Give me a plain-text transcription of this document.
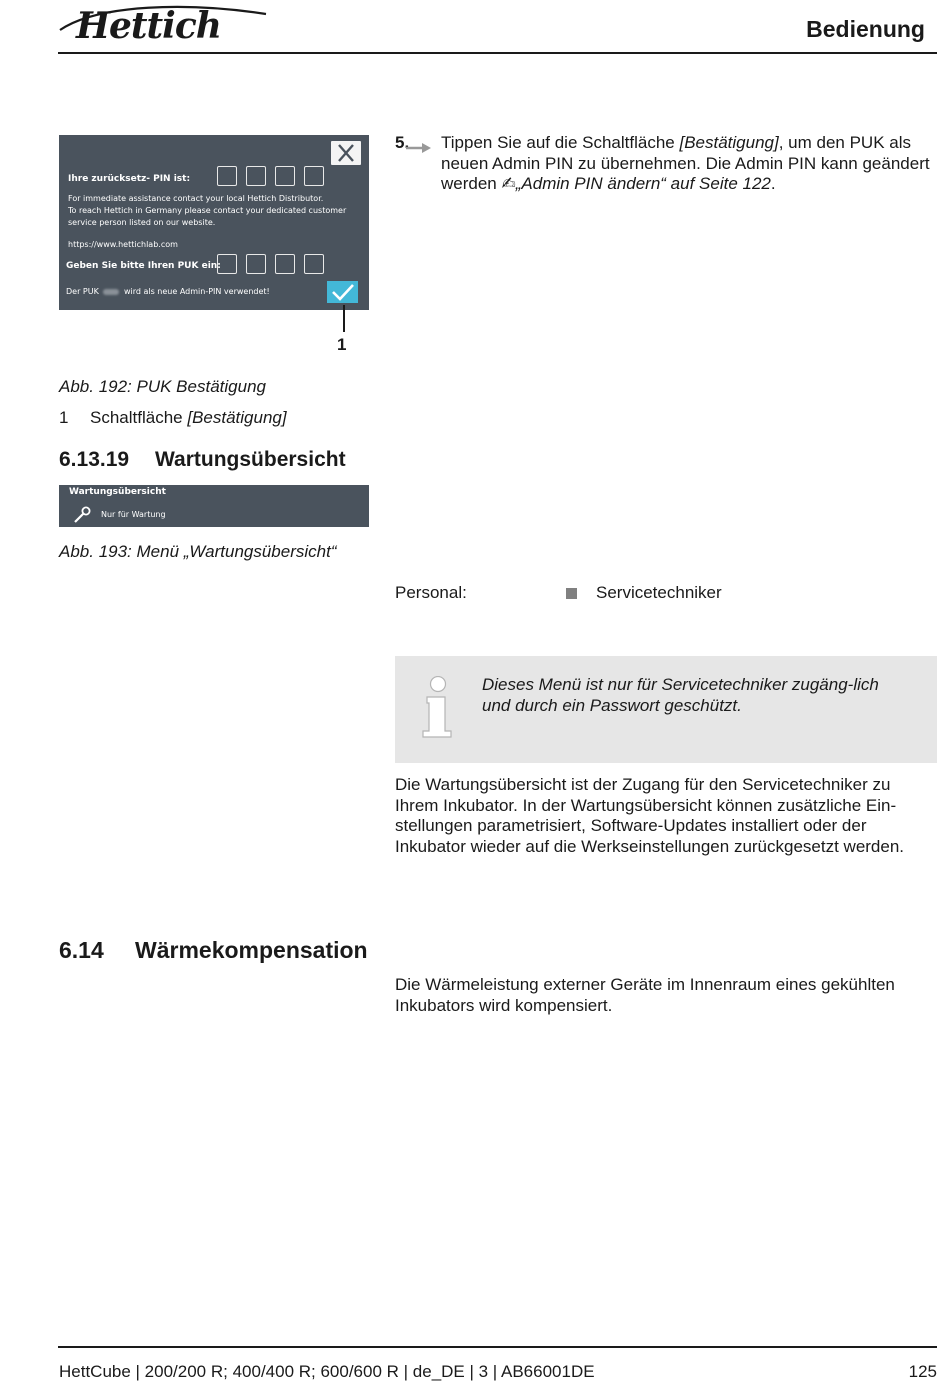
Hettich	Bedienung
Ihre zurücksetz- PIN ist:
For immediate assistance contact your local Hettich Distributor.
To reach Hettich in Germany please contact your dedicated customer
service person listed on our website.
https://www.hettichlab.com
Geben Sie bitte Ihren PUK ein:
Der PUK	wird als neue Admin-PIN verwendet!
1
5. Tippen Sie auf die Schaltfläche [Bestätigung], um den PUK als neuen Admin PIN zu übernehmen. Die Admin PIN kann geändert werden ✍„Admin PIN ändern“ auf Seite 122.
Abb. 192: PUK Bestätigung
1 Schaltfläche [Bestätigung]
6.13.19 Wartungsübersicht
Wartungsübersicht
Nur für Wartung
Abb. 193: Menü „Wartungsübersicht“
Personal:	Servicetechniker
Dieses Menü ist nur für Servicetechniker zugäng-lich und durch ein Passwort geschützt.
Die Wartungsübersicht ist der Zugang für den Servicetechniker zu Ihrem Inkubator. In der Wartungsübersicht können zusätzliche Ein-stellungen parametrisiert, Software-Updates installiert oder der Inkubator wieder auf die Werkseinstellungen zurückgesetzt werden.
6.14 Wärmekompensation
Die Wärmeleistung externer Geräte im Innenraum eines gekühlten Inkubators wird kompensiert.
HettCube | 200/200 R; 400/400 R; 600/600 R | de_DE | 3 | AB66001DE	125
